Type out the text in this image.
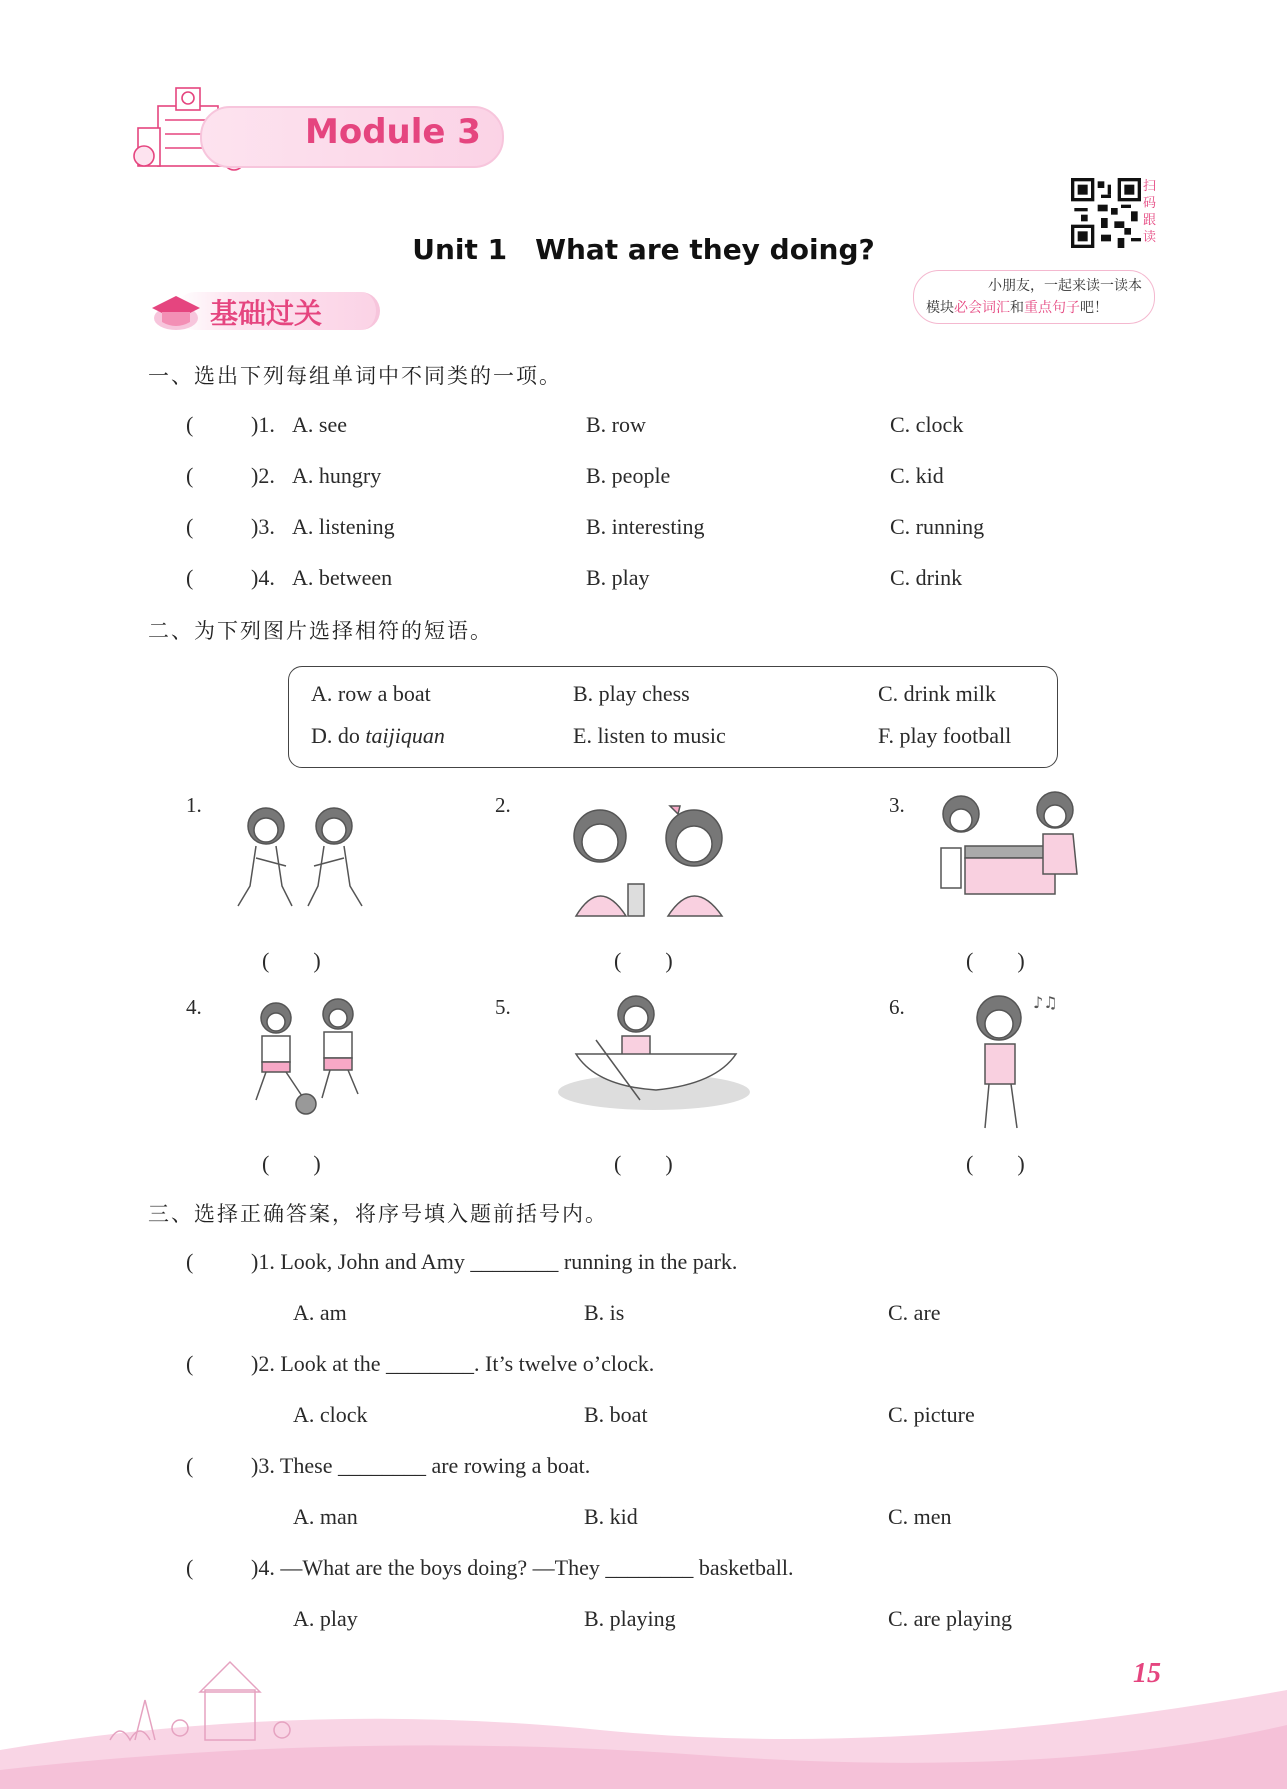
Module 3
Unit 1　What are they doing?
扫
码
跟
读
小朋友，一起来读一读本
模块必会词汇和重点句子吧！
基础过关
一、选出下列每组单词中不同类的一项。
(	)1. A. see	B. row	C. clock
(	)2. A. hungry	B. people	C. kid
(	)3. A. listening	B. interesting	C. running
(	)4. A. between	B. play	C. drink
二、为下列图片选择相符的短语。
A. row a boat	B. play chess	C. drink milk
D. do taijiquan	E. listen to music	F. play football
1.	2.	3.
(　　)	(　　)	(　　)
4.	5.	6.	♪♫
(　　)	(　　)	(　　)
三、选择正确答案，将序号填入题前括号内。
(	)1. Look, John and Amy ________ running in the park.
A. am	B. is	C. are
(	)2. Look at the ________. It’s twelve o’clock.
A. clock	B. boat	C. picture
(	)3. These ________ are rowing a boat.
A. man	B. kid	C. men
(	)4. —What are the boys doing? —They ________ basketball.
A. play	B. playing	C. are playing
15
